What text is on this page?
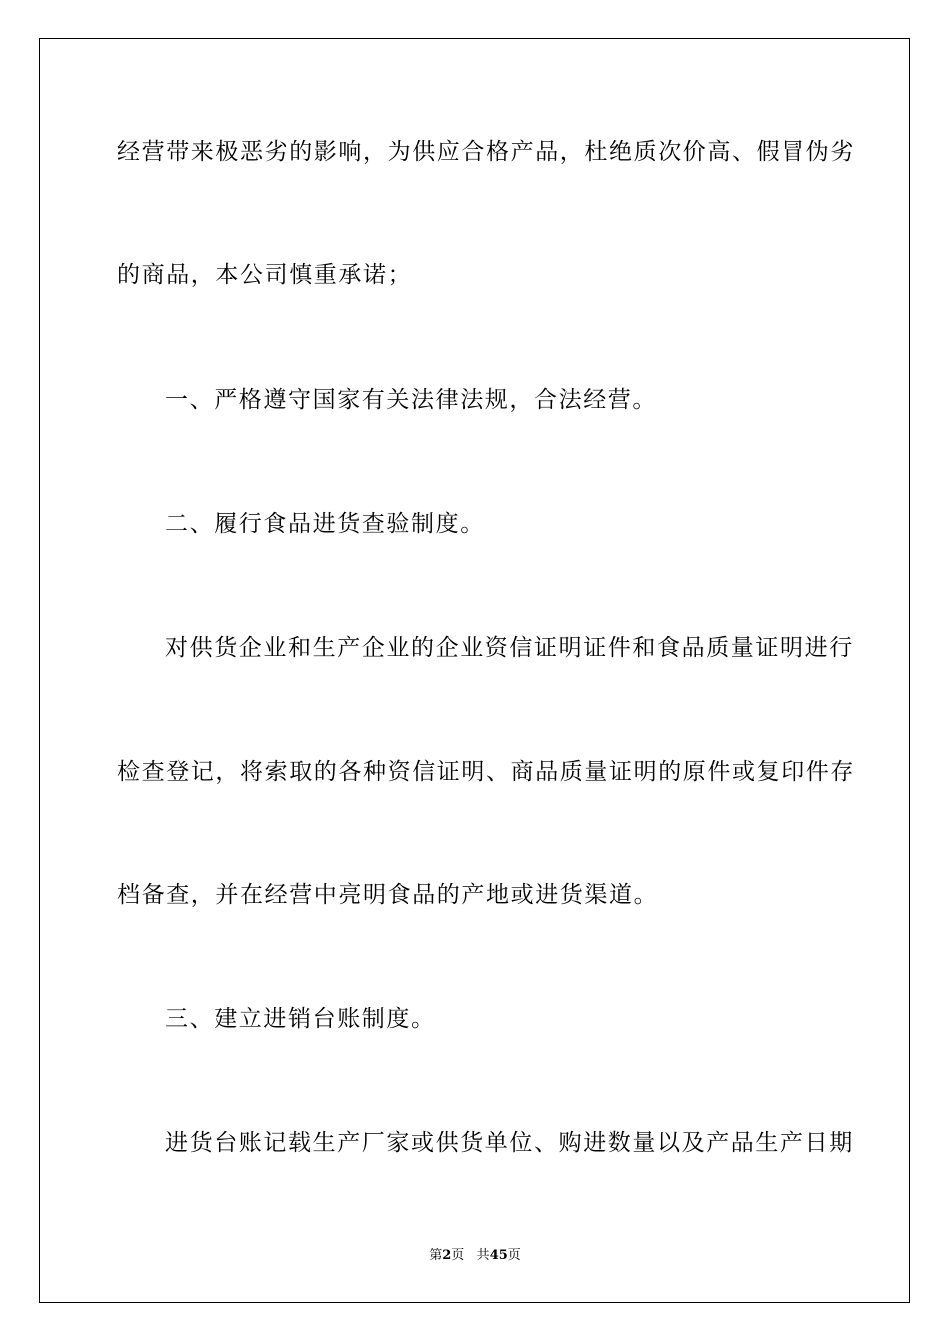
经营带来极恶劣的影响，为供应合格产品，杜绝质次价高、假冒伪劣
的商品，本公司慎重承诺；
一、严格遵守国家有关法律法规，合法经营。
二、履行食品进货查验制度。
对供货企业和生产企业的企业资信证明证件和食品质量证明进行
检查登记，将索取的各种资信证明、商品质量证明的原件或复印件存
档备查，并在经营中亮明食品的产地或进货渠道。
三、建立进销台账制度。
进货台账记载生产厂家或供货单位、购进数量以及产品生产日期
第2页 共45页
